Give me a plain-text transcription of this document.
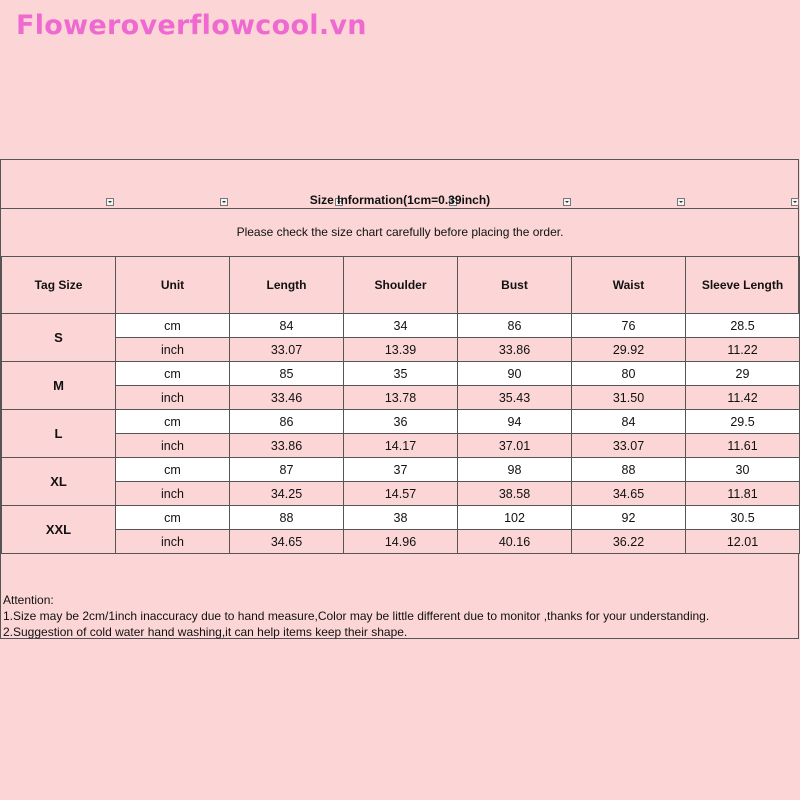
Floweroverflowcool.vn
Size Information(1cm=0.39inch)
Please check the size chart carefully before placing the order.
Tag Size	Unit	Length	Shoulder	Bust	Waist	Sleeve Length
S	cm	84	34	86	76	28.5
	inch	33.07	13.39	33.86	29.92	11.22
M	cm	85	35	90	80	29
	inch	33.46	13.78	35.43	31.50	11.42
L	cm	86	36	94	84	29.5
	inch	33.86	14.17	37.01	33.07	11.61
XL	cm	87	37	98	88	30
	inch	34.25	14.57	38.58	34.65	11.81
XXL	cm	88	38	102	92	30.5
	inch	34.65	14.96	40.16	36.22	12.01
Attention:
1.Size may be 2cm/1inch inaccuracy due to hand measure,Color may be little different due to monitor ,thanks for your understanding.
2.Suggestion of cold water hand washing,it can help items keep their shape.
